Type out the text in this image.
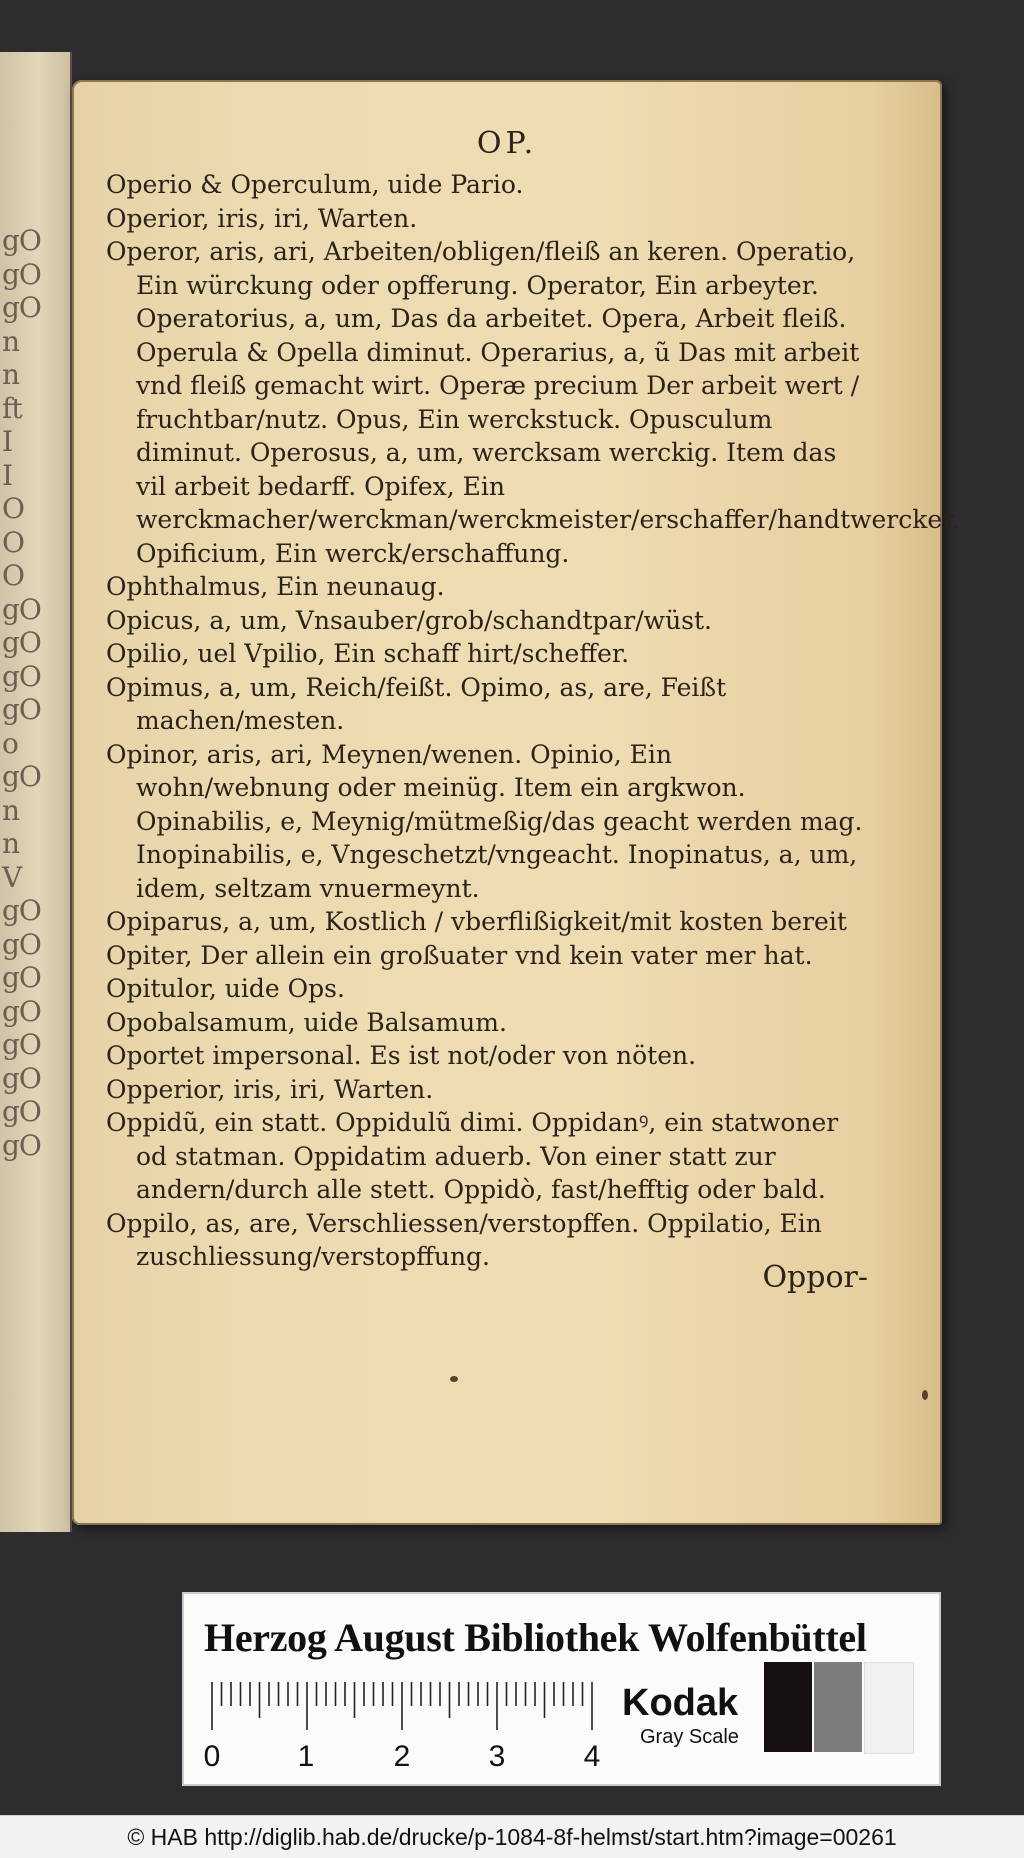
gO
gO
gO
n
n
ft
I
I
O
O
O
gO
gO
gO
gO
o
gO
n
n
V
gO
gO
gO
gO
gO
gO
gO
gO
OP.

Operio & Operculum, uide Pario.

Operior, iris, iri, Warten.

Operor, aris, ari, Arbeiten/obligen/fleiß an keren. Operatio, Ein würckung oder opfferung. Operator, Ein arbeyter. Operatorius, a, um, Das da arbeitet. Opera, Arbeit fleiß. Operula & Opella diminut. Operarius, a, ũ Das mit arbeit vnd fleiß gemacht wirt. Operæ precium Der arbeit wert / fruchtbar/nutz. Opus, Ein werckstuck. Opusculum diminut. Operosus, a, um, wercksam werckig. Item das vil arbeit bedarff. Opifex, Ein werckmacher/werckman/werckmeister/erschaffer/handtwercker. Opificium, Ein werck/erschaffung.

Ophthalmus, Ein neunaug.

Opicus, a, um, Vnsauber/grob/schandtpar/wüst.

Opilio, uel Vpilio, Ein schaff hirt/scheffer.

Opimus, a, um, Reich/feißt. Opimo, as, are, Feißt machen/mesten.

Opinor, aris, ari, Meynen/wenen. Opinio, Ein wohn/webnung oder meinüg. Item ein argkwon. Opinabilis, e, Meynig/mütmeßig/das geacht werden mag. Inopinabilis, e, Vngeschetzt/vngeacht. Inopinatus, a, um, idem, seltzam vnuermeynt.

Opiparus, a, um, Kostlich / vberflißigkeit/mit kosten bereit

Opiter, Der allein ein großuater vnd kein vater mer hat.

Opitulor, uide Ops.

Opobalsamum, uide Balsamum.

Oportet impersonal. Es ist not/oder von nöten.

Opperior, iris, iri, Warten.

Oppidũ, ein statt. Oppidulũ dimi. Oppidanꝰ, ein statwoner od statman. Oppidatim aduerb. Von einer statt zur andern/durch alle stett. Oppidò, fast/hefftig oder bald.

Oppilo, as, are, Verschliessen/verstopffen. Oppilatio, Ein zuschliessung/verstopffung.

Oppor-
Herzog August Bibliothek Wolfenbüttel
0	1	2	3	4
Kodak
Gray Scale
© HAB http://diglib.hab.de/drucke/p-1084-8f-helmst/start.htm?image=00261
